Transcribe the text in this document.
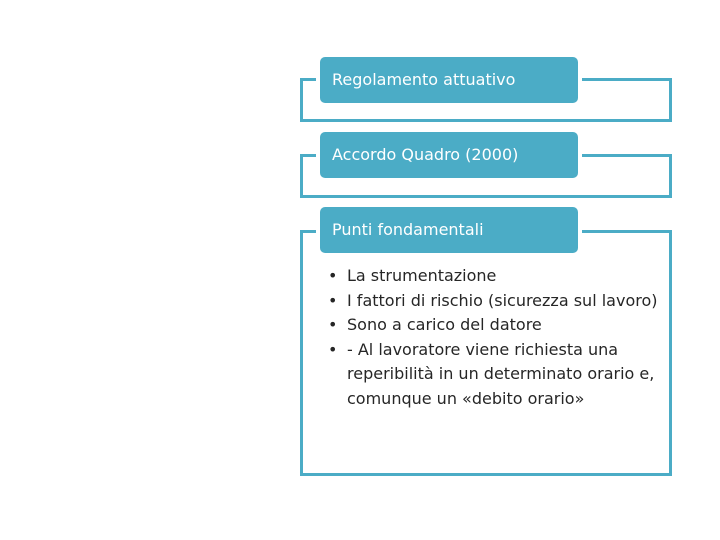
Regolamento attuativo
Accordo Quadro (2000)
Punti fondamentali
• La strumentazione
• I fattori di rischio (sicurezza sul lavoro)
• Sono a carico del datore
• - Al lavoratore viene richiesta una reperibilità in un determinato orario e, comunque un «debito orario»
